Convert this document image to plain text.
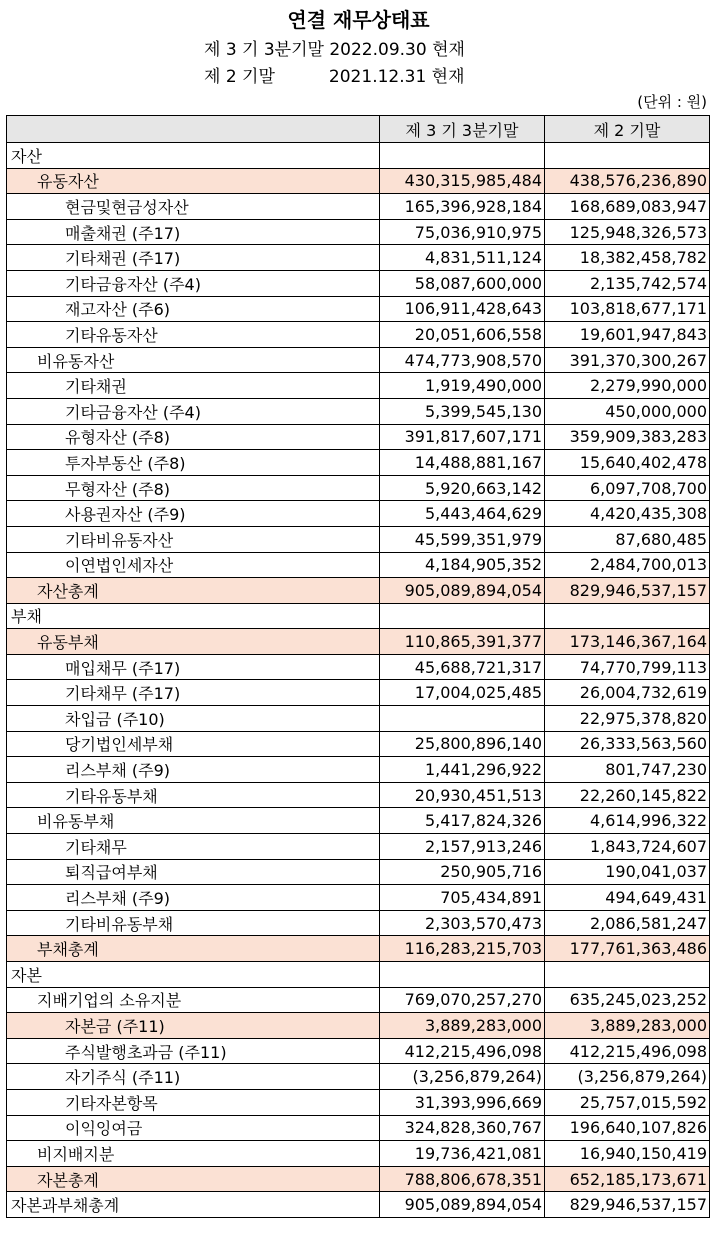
연결 재무상태표
제 3 기 3분기말 2022.09.30 현재
제 2 기말          2021.12.31 현재
(단위 : 원)
	제 3 기 3분기말	제 2 기말
자산		
유동자산	430,315,985,484	438,576,236,890
현금및현금성자산	165,396,928,184	168,689,083,947
매출채권 (주17)	75,036,910,975	125,948,326,573
기타채권 (주17)	4,831,511,124	18,382,458,782
기타금융자산 (주4)	58,087,600,000	2,135,742,574
재고자산 (주6)	106,911,428,643	103,818,677,171
기타유동자산	20,051,606,558	19,601,947,843
비유동자산	474,773,908,570	391,370,300,267
기타채권	1,919,490,000	2,279,990,000
기타금융자산 (주4)	5,399,545,130	450,000,000
유형자산 (주8)	391,817,607,171	359,909,383,283
투자부동산 (주8)	14,488,881,167	15,640,402,478
무형자산 (주8)	5,920,663,142	6,097,708,700
사용권자산 (주9)	5,443,464,629	4,420,435,308
기타비유동자산	45,599,351,979	87,680,485
이연법인세자산	4,184,905,352	2,484,700,013
자산총계	905,089,894,054	829,946,537,157
부채		
유동부채	110,865,391,377	173,146,367,164
매입채무 (주17)	45,688,721,317	74,770,799,113
기타채무 (주17)	17,004,025,485	26,004,732,619
차입금 (주10)		22,975,378,820
당기법인세부채	25,800,896,140	26,333,563,560
리스부채 (주9)	1,441,296,922	801,747,230
기타유동부채	20,930,451,513	22,260,145,822
비유동부채	5,417,824,326	4,614,996,322
기타채무	2,157,913,246	1,843,724,607
퇴직급여부채	250,905,716	190,041,037
리스부채 (주9)	705,434,891	494,649,431
기타비유동부채	2,303,570,473	2,086,581,247
부채총계	116,283,215,703	177,761,363,486
자본		
지배기업의 소유지분	769,070,257,270	635,245,023,252
자본금 (주11)	3,889,283,000	3,889,283,000
주식발행초과금 (주11)	412,215,496,098	412,215,496,098
자기주식 (주11)	(3,256,879,264)	(3,256,879,264)
기타자본항목	31,393,996,669	25,757,015,592
이익잉여금	324,828,360,767	196,640,107,826
비지배지분	19,736,421,081	16,940,150,419
자본총계	788,806,678,351	652,185,173,671
자본과부채총계	905,089,894,054	829,946,537,157
